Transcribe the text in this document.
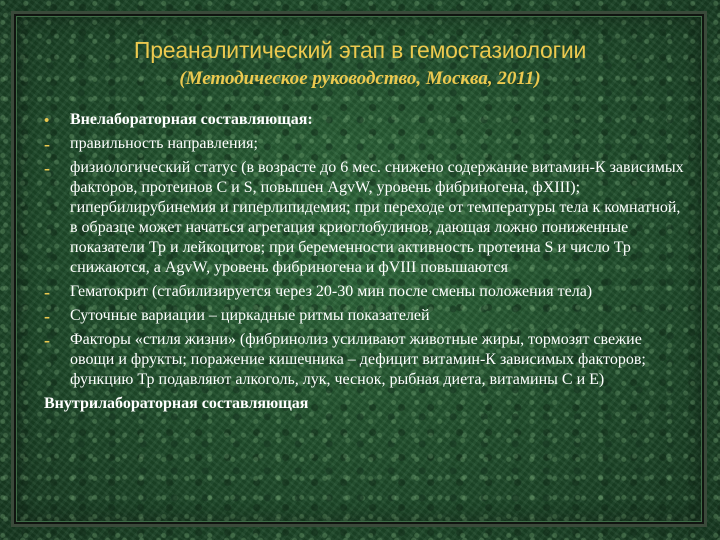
Преаналитический этап в гемостазиологии
(Методическое руководство, Москва, 2011)
•	Внелабораторная составляющая:
-	правильность направления;
-	физиологический статус (в возрасте до 6 мес. снижено содержание витамин-К зависимых факторов, протеинов С и S, повышен AgvW, уровень фибриногена, фXIII); гипербилирубинемия и гиперлипидемия; при переходе от температуры тела к комнатной, в образце может начаться агрегация криоглобулинов, дающая ложно пониженные показатели Тр и лейкоцитов; при беременности активность протеина S и число Тр снижаются, а AgvW, уровень фибриногена и фVIII повышаются
-	Гематокрит (стабилизируется через 20-30 мин после смены положения тела)
-	Суточные вариации – циркадные ритмы показателей
-	Факторы «стиля жизни» (фибринолиз усиливают животные жиры, тормозят свежие овощи и фрукты; поражение кишечника – дефицит витамин-К зависимых факторов; функцию Тр подавляют алкоголь, лук, чеснок, рыбная диета, витамины С и Е)
Внутрилабораторная составляющая
